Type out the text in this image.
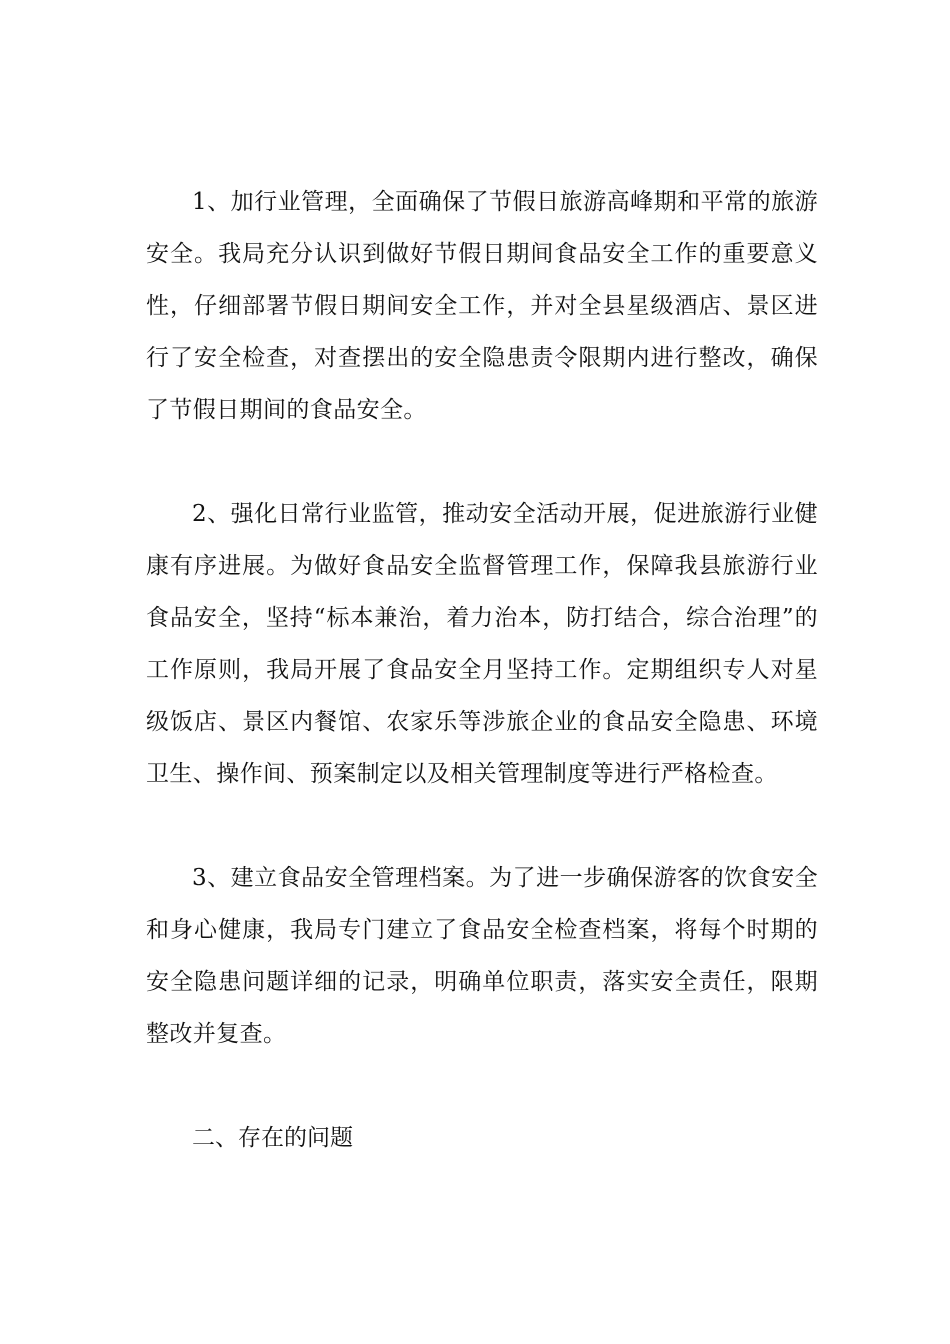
1、加行业管理，全面确保了节假日旅游高峰期和平常的旅游安全。我局充分认识到做好节假日期间食品安全工作的重要意义性，仔细部署节假日期间安全工作，并对全县星级酒店、景区进行了安全检查，对查摆出的安全隐患责令限期内进行整改，确保了节假日期间的食品安全。

2、强化日常行业监管，推动安全活动开展，促进旅游行业健康有序进展。为做好食品安全监督管理工作，保障我县旅游行业食品安全，坚持“标本兼治，着力治本，防打结合，综合治理”的工作原则，我局开展了食品安全月坚持工作。定期组织专人对星级饭店、景区内餐馆、农家乐等涉旅企业的食品安全隐患、环境卫生、操作间、预案制定以及相关管理制度等进行严格检查。

3、建立食品安全管理档案。为了进一步确保游客的饮食安全和身心健康，我局专门建立了食品安全检查档案，将每个时期的安全隐患问题详细的记录，明确单位职责，落实安全责任，限期整改并复查。

二、存在的问题
